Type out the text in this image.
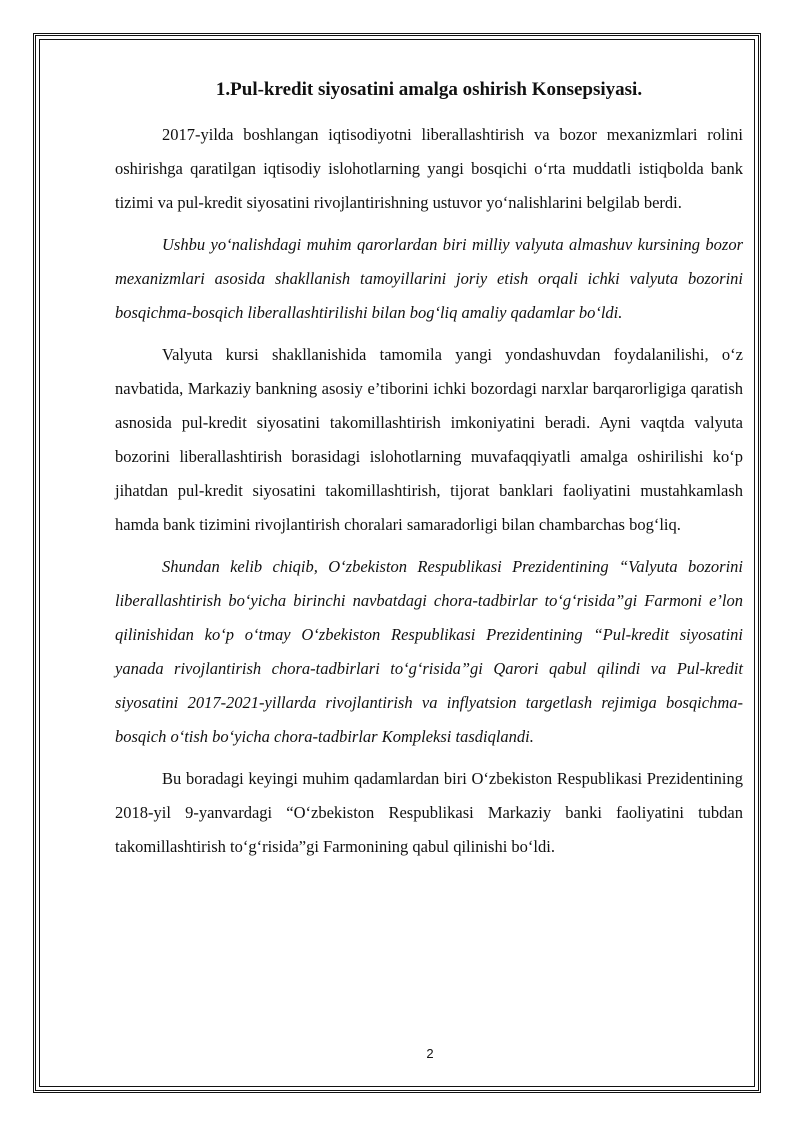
1.Pul-kredit siyosatini amalga oshirish Konsepsiyasi.

2017-yilda boshlangan iqtisodiyotni liberallashtirish va bozor mexanizmlari rolini oshirishga qaratilgan iqtisodiy islohotlarning yangi bosqichi o‘rta muddatli istiqbolda bank tizimi va pul-kredit siyosatini rivojlantirishning ustuvor yo‘nalishlarini belgilab berdi.

Ushbu yo‘nalishdagi muhim qarorlardan biri milliy valyuta almashuv kursining bozor mexanizmlari asosida shakllanish tamoyillarini joriy etish orqali ichki valyuta bozorini bosqichma-bosqich liberallashtirilishi bilan bog‘liq amaliy qadamlar bo‘ldi.

Valyuta kursi shakllanishida tamomila yangi yondashuvdan foydalanilishi, o‘z navbatida, Markaziy bankning asosiy e’tiborini ichki bozordagi narxlar barqarorligiga qaratish asnosida pul-kredit siyosatini takomillashtirish imkoniyatini beradi. Ayni vaqtda valyuta bozorini liberallashtirish borasidagi islohotlarning muvafaqqiyatli amalga oshirilishi ko‘p jihatdan pul-kredit siyosatini takomillashtirish, tijorat banklari faoliyatini mustahkamlash hamda bank tizimini rivojlantirish choralari samaradorligi bilan chambarchas bog‘liq.

Shundan kelib chiqib, O‘zbekiston Respublikasi Prezidentining “Valyuta bozorini liberallashtirish bo‘yicha birinchi navbatdagi chora-tadbirlar to‘g‘risida”gi Farmoni e’lon qilinishidan ko‘p o‘tmay O‘zbekiston Respublikasi Prezidentining “Pul-kredit siyosatini yanada rivojlantirish chora-tadbirlari to‘g‘risida”gi Qarori qabul qilindi va Pul-kredit siyosatini 2017-2021-yillarda rivojlantirish va inflyatsion targetlash rejimiga bosqichma-bosqich o‘tish bo‘yicha chora-tadbirlar Kompleksi tasdiqlandi.

Bu boradagi keyingi muhim qadamlardan biri O‘zbekiston Respublikasi Prezidentining 2018-yil 9-yanvardagi “O‘zbekiston Respublikasi Markaziy banki faoliyatini tubdan takomillashtirish to‘g‘risida”gi Farmonining qabul qilinishi bo‘ldi.

2
